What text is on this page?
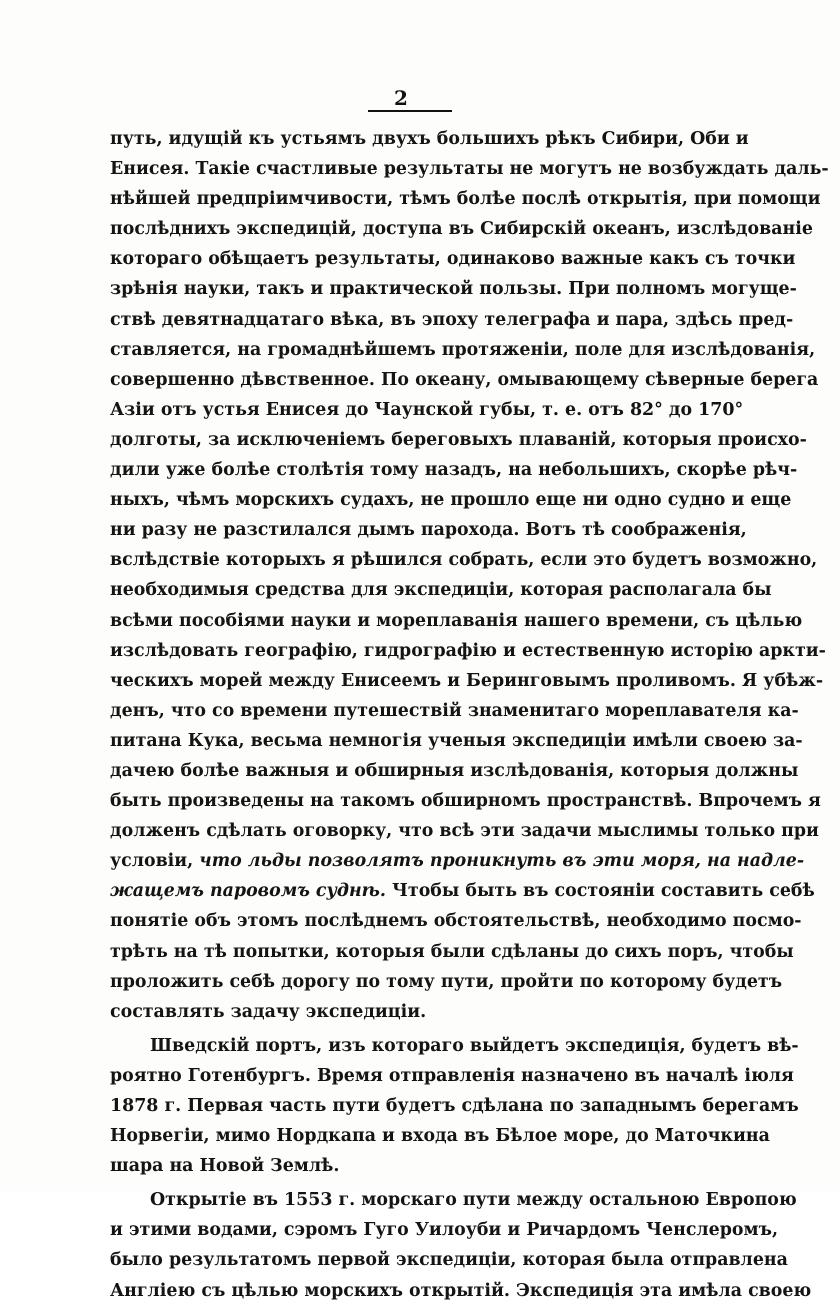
2
путь, идущій къ устьямъ двухъ большихъ рѣкъ Сибири, Оби и
Енисея. Такіе счастливые результаты не могутъ не возбуждать даль-
нѣйшей предпріимчивости, тѣмъ болѣе послѣ открытія, при помощи
послѣднихъ экспедицій, доступа въ Сибирскій океанъ, изслѣдованіе
котораго обѣщаетъ результаты, одинаково важные какъ съ точки
зрѣнія науки, такъ и практической пользы. При полномъ могуще-
ствѣ девятнадцатаго вѣка, въ эпоху телеграфа и пара, здѣсь пред-
ставляется, на громаднѣйшемъ протяженіи, поле для изслѣдованія,
совершенно дѣвственное. По океану, омывающему сѣверные берега
Азіи отъ устья Енисея до Чаунской губы, т. е. отъ 82° до 170°
долготы, за исключеніемъ береговыхъ плаваній, которыя происхо-
дили уже болѣе столѣтія тому назадъ, на небольшихъ, скорѣе рѣч-
ныхъ, чѣмъ морскихъ судахъ, не прошло еще ни одно судно и еще
ни разу не разстилался дымъ парохода. Вотъ тѣ соображенія,
вслѣдствіе которыхъ я рѣшился собрать, если это будетъ возможно,
необходимыя средства для экспедиціи, которая располагала бы
всѣми пособіями науки и мореплаванія нашего времени, съ цѣлью
изслѣдовать географію, гидрографію и естественную исторію аркти-
ческихъ морей между Енисеемъ и Беринговымъ проливомъ. Я убѣж-
денъ, что со времени путешествій знаменитаго мореплавателя ка-
питана Кука, весьма немногія ученыя экспедиціи имѣли своею за-
дачею болѣе важныя и обширныя изслѣдованія, которыя должны
быть произведены на такомъ обширномъ пространствѣ. Впрочемъ я
долженъ сдѣлать оговорку, что всѣ эти задачи мыслимы только при
условіи, что льды позволятъ проникнуть въ эти моря, на надле-
жащемъ паровомъ суднѣ. Чтобы быть въ состояніи составить себѣ
понятіе объ этомъ послѣднемъ обстоятельствѣ, необходимо посмо-
трѣть на тѣ попытки, которыя были сдѣланы до сихъ поръ, чтобы
проложить себѣ дорогу по тому пути, пройти по которому будетъ
составлять задачу экспедиціи.
Шведскій портъ, изъ котораго выйдетъ экспедиція, будетъ вѣ-
роятно Готенбургъ. Время отправленія назначено въ началѣ іюля
1878 г. Первая часть пути будетъ сдѣлана по западнымъ берегамъ
Норвегіи, мимо Нордкапа и входа въ Бѣлое море, до Маточкина
шара на Новой Землѣ.
Открытіе въ 1553 г. морскаго пути между остальною Европою
и этими водами, сэромъ Гуго Уилоуби и Ричардомъ Ченслеромъ,
было результатомъ первой экспедиціи, которая была отправлена
Англіею съ цѣлью морскихъ открытій. Экспедиція эта имѣла своею
